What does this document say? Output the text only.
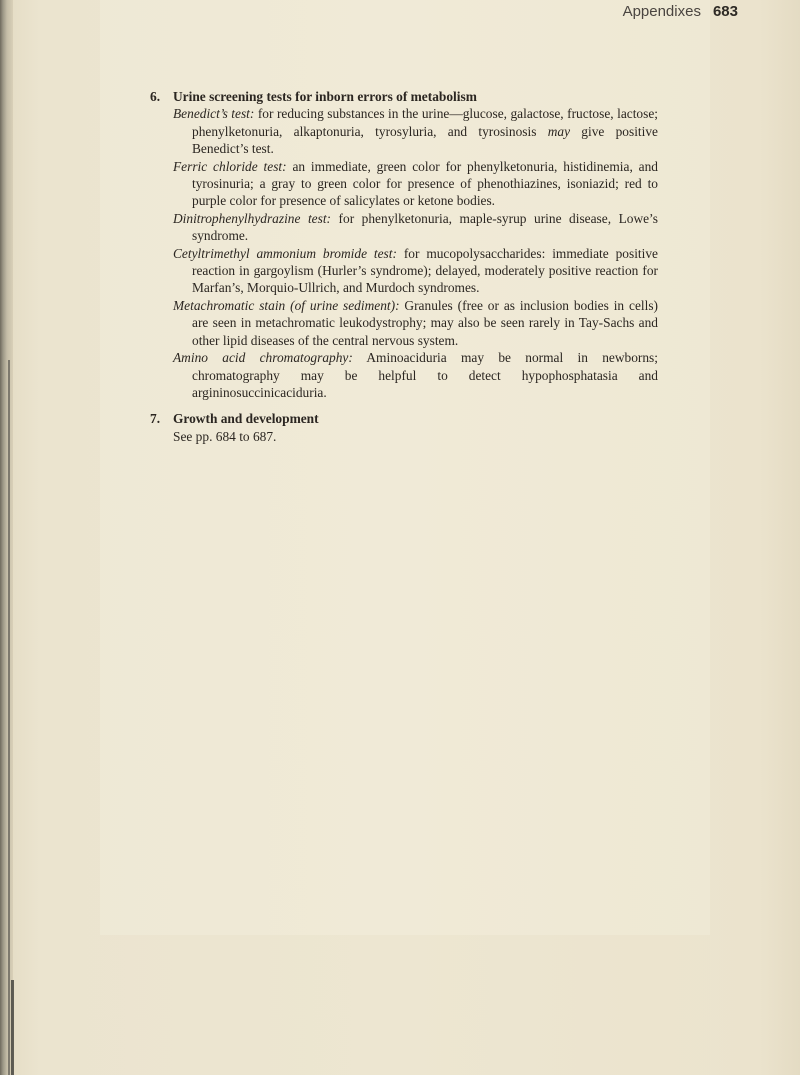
Appendixes 683
6. Urine screening tests for inborn errors of metabolism
Benedict’s test: for reducing substances in the urine—glucose, galactose, fructose, lactose; phenylketonuria, alkaptonuria, tyrosyluria, and tyrosinosis may give positive Benedict’s test.
Ferric chloride test: an immediate, green color for phenylketonuria, histidinemia, and tyrosinuria; a gray to green color for presence of phenothiazines, isoniazid; red to purple color for presence of salicylates or ketone bodies.
Dinitrophenylhydrazine test: for phenylketonuria, maple-syrup urine disease, Lowe’s syndrome.
Cetyltrimethyl ammonium bromide test: for mucopolysaccharides: immediate positive reaction in gargoylism (Hurler’s syndrome); delayed, moderately positive reaction for Marfan’s, Morquio-Ullrich, and Murdoch syndromes.
Metachromatic stain (of urine sediment): Granules (free or as inclusion bodies in cells) are seen in metachromatic leukodystrophy; may also be seen rarely in Tay-Sachs and other lipid diseases of the central nervous system.
Amino acid chromatography: Aminoaciduria may be normal in newborns; chromatography may be helpful to detect hypophosphatasia and argininosuccinicaciduria.
7. Growth and development
See pp. 684 to 687.
